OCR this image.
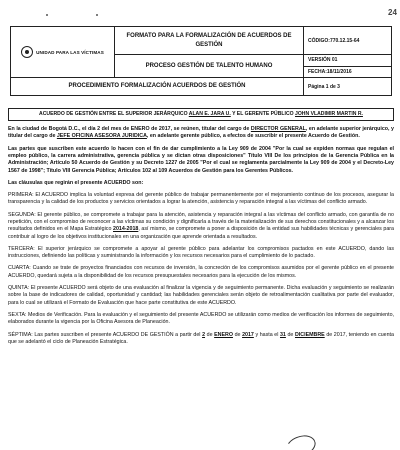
24
UNIDAD PARA LAS VÍCTIMAS	FORMATO PARA LA FORMALIZACIÓN DE ACUERDOS DE GESTIÓN	CÓDIGO:770.12.15-64
	PROCESO GESTIÓN DE TALENTO HUMANO	VERSIÓN 01
		FECHA:18/11/2016
PROCEDIMIENTO FORMALIZACIÓN ACUERDOS DE GESTIÓN		Página 1 de 3
ACUERDO DE GESTIÓN ENTRE EL SUPERIOR JERÁRQUICO ALAN E. JARA U. Y EL GERENTE PÚBLICO JOHN VLADIMIR MARTIN R.

En la ciudad de Bogotá D.C., el día 2 del mes de ENERO de 2017, se reúnen, titular del cargo de DIRECTOR GENERAL, en adelante superior jerárquico, y titular del cargo de JEFE OFICINA ASESORA JURIDICA, en adelante gerente público, a efectos de suscribir el presente Acuerdo de Gestión.

Las partes que suscriben este acuerdo lo hacen con el fin de dar cumplimiento a la Ley 909 de 2004 "Por la cual se expiden normas que regulan el empleo público, la carrera administrativa, gerencia pública y se dictan otras disposiciones" Título VIII De los principios de la Gerencia Pública en la Administración; Artículo 50 Acuerdo de Gestión y su Decreto 1227 de 2005 "Por el cual se reglamenta parcialmente la Ley 909 de 2004 y el Decreto-Ley 1567 de 1998"; Título VIII Gerencia Pública; Artículos 102 al 109 Acuerdos de Gestión para los Gerentes Públicos.

Las cláusulas que regirán el presente ACUERDO son:

PRIMERA: El ACUERDO implica la voluntad expresa del gerente público de trabajar permanentemente por el mejoramiento continuo de los procesos, asegurar la transparencia y la calidad de los productos y servicios orientados a lograr la atención, asistencia y reparación integral a las víctimas del conflicto armado.

SEGUNDA: El gerente público, se compromete a trabajar para la atención, asistencia y reparación integral a las víctimas del conflicto armado, con garantía de no repetición, con el compromiso de reconocer a las víctimas su condición y dignificarla a través de la materialización de sus derechos constitucionales y a alcanzar los resultados definidos en el Mapa Estratégico 2014-2018, así mismo, se compromete a poner a disposición de la entidad sus habilidades técnicas y gerenciales para contribuir al logro de los objetivos institucionales en una organización que aprende orientada a resultados.

TERCERA: El superior jerárquico se compromete a apoyar al gerente público para adelantar los compromisos pactados en este ACUERDO, dando las instrucciones, definiendo las políticas y suministrando la información y los recursos necesarios para el cumplimiento de lo pactado.

CUARTA: Cuando se trate de proyectos financiados con recursos de inversión, la concreción de los compromisos asumidos por el gerente público en el presente ACUERDO, quedará sujeta a la disponibilidad de los recursos presupuestales necesarios para la ejecución de los mismos.

QUINTA: El presente ACUERDO será objeto de una evaluación al finalizar la vigencia y de seguimiento permanente. Dicha evaluación y seguimiento se realizarán sobre la base de indicadores de calidad, oportunidad y cantidad; las habilidades gerenciales serán objeto de retroalimentación cualitativa por parte del evaluador, para lo cual se utilizará el Formato de Evaluación que hace parte constitutiva de este ACUERDO.

SEXTA: Medios de Verificación. Para la evaluación y el seguimiento del presente ACUERDO se utilizarán como medios de verificación los informes de seguimiento, elaborados durante la vigencia por la Oficina Asesora de Planeación.

SÉPTIMA: Las partes suscriben el presente ACUERDO DE GESTIÓN a partir del 2 de ENERO de 2017 y hasta el 31 de DICIEMBRE de 2017, teniendo en cuenta que se adelantó el ciclo de Planeación Estratégica.
